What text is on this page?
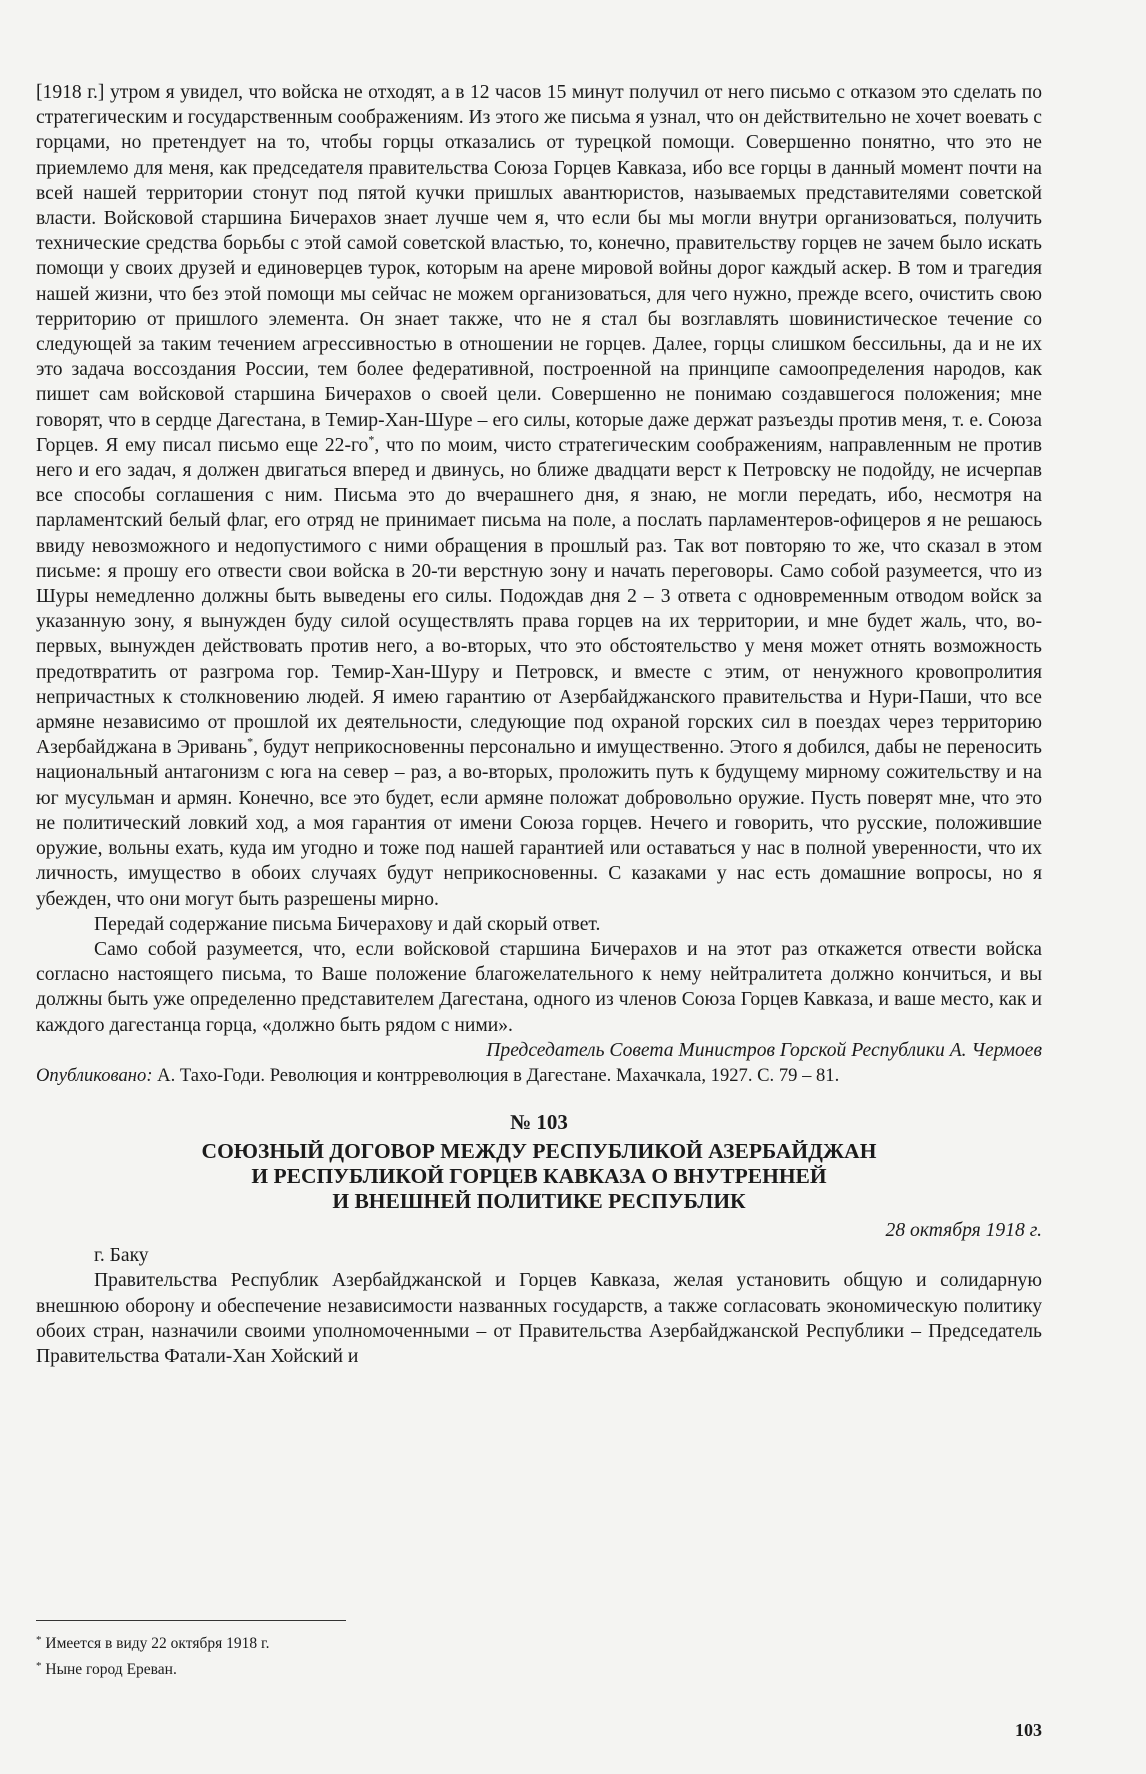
[1918 г.] утром я увидел, что войска не отходят, а в 12 часов 15 минут получил от него письмо с отказом это сделать по стратегическим и государственным соображениям. Из этого же письма я узнал, что он действительно не хочет воевать с горцами, но претендует на то, чтобы горцы отказались от турецкой помощи. Совершенно понятно, что это не приемлемо для меня, как председателя правительства Союза Горцев Кавказа, ибо все горцы в данный момент почти на всей нашей территории стонут под пятой кучки пришлых авантюристов, называемых представителями советской власти. Войсковой старшина Бичерахов знает лучше чем я, что если бы мы могли внутри организоваться, получить технические средства борьбы с этой самой советской властью, то, конечно, правительству горцев не зачем было искать помощи у своих друзей и единоверцев турок, которым на арене мировой войны дорог каждый аскер. В том и трагедия нашей жизни, что без этой помощи мы сейчас не можем организоваться, для чего нужно, прежде всего, очистить свою территорию от пришлого элемента. Он знает также, что не я стал бы возглавлять шовинистическое течение со следующей за таким течением агрессивностью в отношении не горцев. Далее, горцы слишком бессильны, да и не их это задача воссоздания России, тем более федеративной, построенной на принципе самоопределения народов, как пишет сам войсковой старшина Бичерахов о своей цели. Совершенно не понимаю создавшегося положения; мне говорят, что в сердце Дагестана, в Темир-Хан-Шуре – его силы, которые даже держат разъезды против меня, т. е. Союза Горцев. Я ему писал письмо еще 22-го*, что по моим, чисто стратегическим соображениям, направленным не против него и его задач, я должен двигаться вперед и двинусь, но ближе двадцати верст к Петровску не подойду, не исчерпав все способы соглашения с ним. Письма это до вчерашнего дня, я знаю, не могли передать, ибо, несмотря на парламентский белый флаг, его отряд не принимает письма на поле, а послать парламентеров-офицеров я не решаюсь ввиду невозможного и недопустимого с ними обращения в прошлый раз. Так вот повторяю то же, что сказал в этом письме: я прошу его отвести свои войска в 20-ти верстную зону и начать переговоры. Само собой разумеется, что из Шуры немедленно должны быть выведены его силы. Подождав дня 2 – 3 ответа с одновременным отводом войск за указанную зону, я вынужден буду силой осуществлять права горцев на их территории, и мне будет жаль, что, во-первых, вынужден действовать против него, а во-вторых, что это обстоятельство у меня может отнять возможность предотвратить от разгрома гор. Темир-Хан-Шуру и Петровск, и вместе с этим, от ненужного кровопролития непричастных к столкновению людей. Я имею гарантию от Азербайджанского правительства и Нури-Паши, что все армяне независимо от прошлой их деятельности, следующие под охраной горских сил в поездах через территорию Азербайджана в Эривань*, будут неприкосновенны персонально и имущественно. Этого я добился, дабы не переносить национальный антагонизм с юга на север – раз, а во-вторых, проложить путь к будущему мирному сожительству и на юг мусульман и армян. Конечно, все это будет, если армяне положат добровольно оружие. Пусть поверят мне, что это не политический ловкий ход, а моя гарантия от имени Союза горцев. Нечего и говорить, что русские, положившие оружие, вольны ехать, куда им угодно и тоже под нашей гарантией или оставаться у нас в полной уверенности, что их личность, имущество в обоих случаях будут неприкосновенны. С казаками у нас есть домашние вопросы, но я убежден, что они могут быть разрешены мирно.

Передай содержание письма Бичерахову и дай скорый ответ.

Само собой разумеется, что, если войсковой старшина Бичерахов и на этот раз откажется отвести войска согласно настоящего письма, то Ваше положение благожелательного к нему нейтралитета должно кончиться, и вы должны быть уже определенно представителем Дагестана, одного из членов Союза Горцев Кавказа, и ваше место, как и каждого дагестанца горца, «должно быть рядом с ними».

Председатель Совета Министров Горской Республики А. Чермоев

Опубликовано: А. Тахо-Годи. Революция и контрреволюция в Дагестане. Махачкала, 1927. С. 79 – 81.

№ 103
СОЮЗНЫЙ ДОГОВОР МЕЖДУ РЕСПУБЛИКОЙ АЗЕРБАЙДЖАН
И РЕСПУБЛИКОЙ ГОРЦЕВ КАВКАЗА О ВНУТРЕННЕЙ
И ВНЕШНЕЙ ПОЛИТИКЕ РЕСПУБЛИК

28 октября 1918 г.

г. Баку

Правительства Республик Азербайджанской и Горцев Кавказа, желая установить общую и солидарную внешнюю оборону и обеспечение независимости названных государств, а также согласовать экономическую политику обоих стран, назначили своими уполномоченными – от Правительства Азербайджанской Республики – Председатель Правительства Фатали-Хан Хойский и

* Имеется в виду 22 октября 1918 г.

* Ныне город Ереван.

103
